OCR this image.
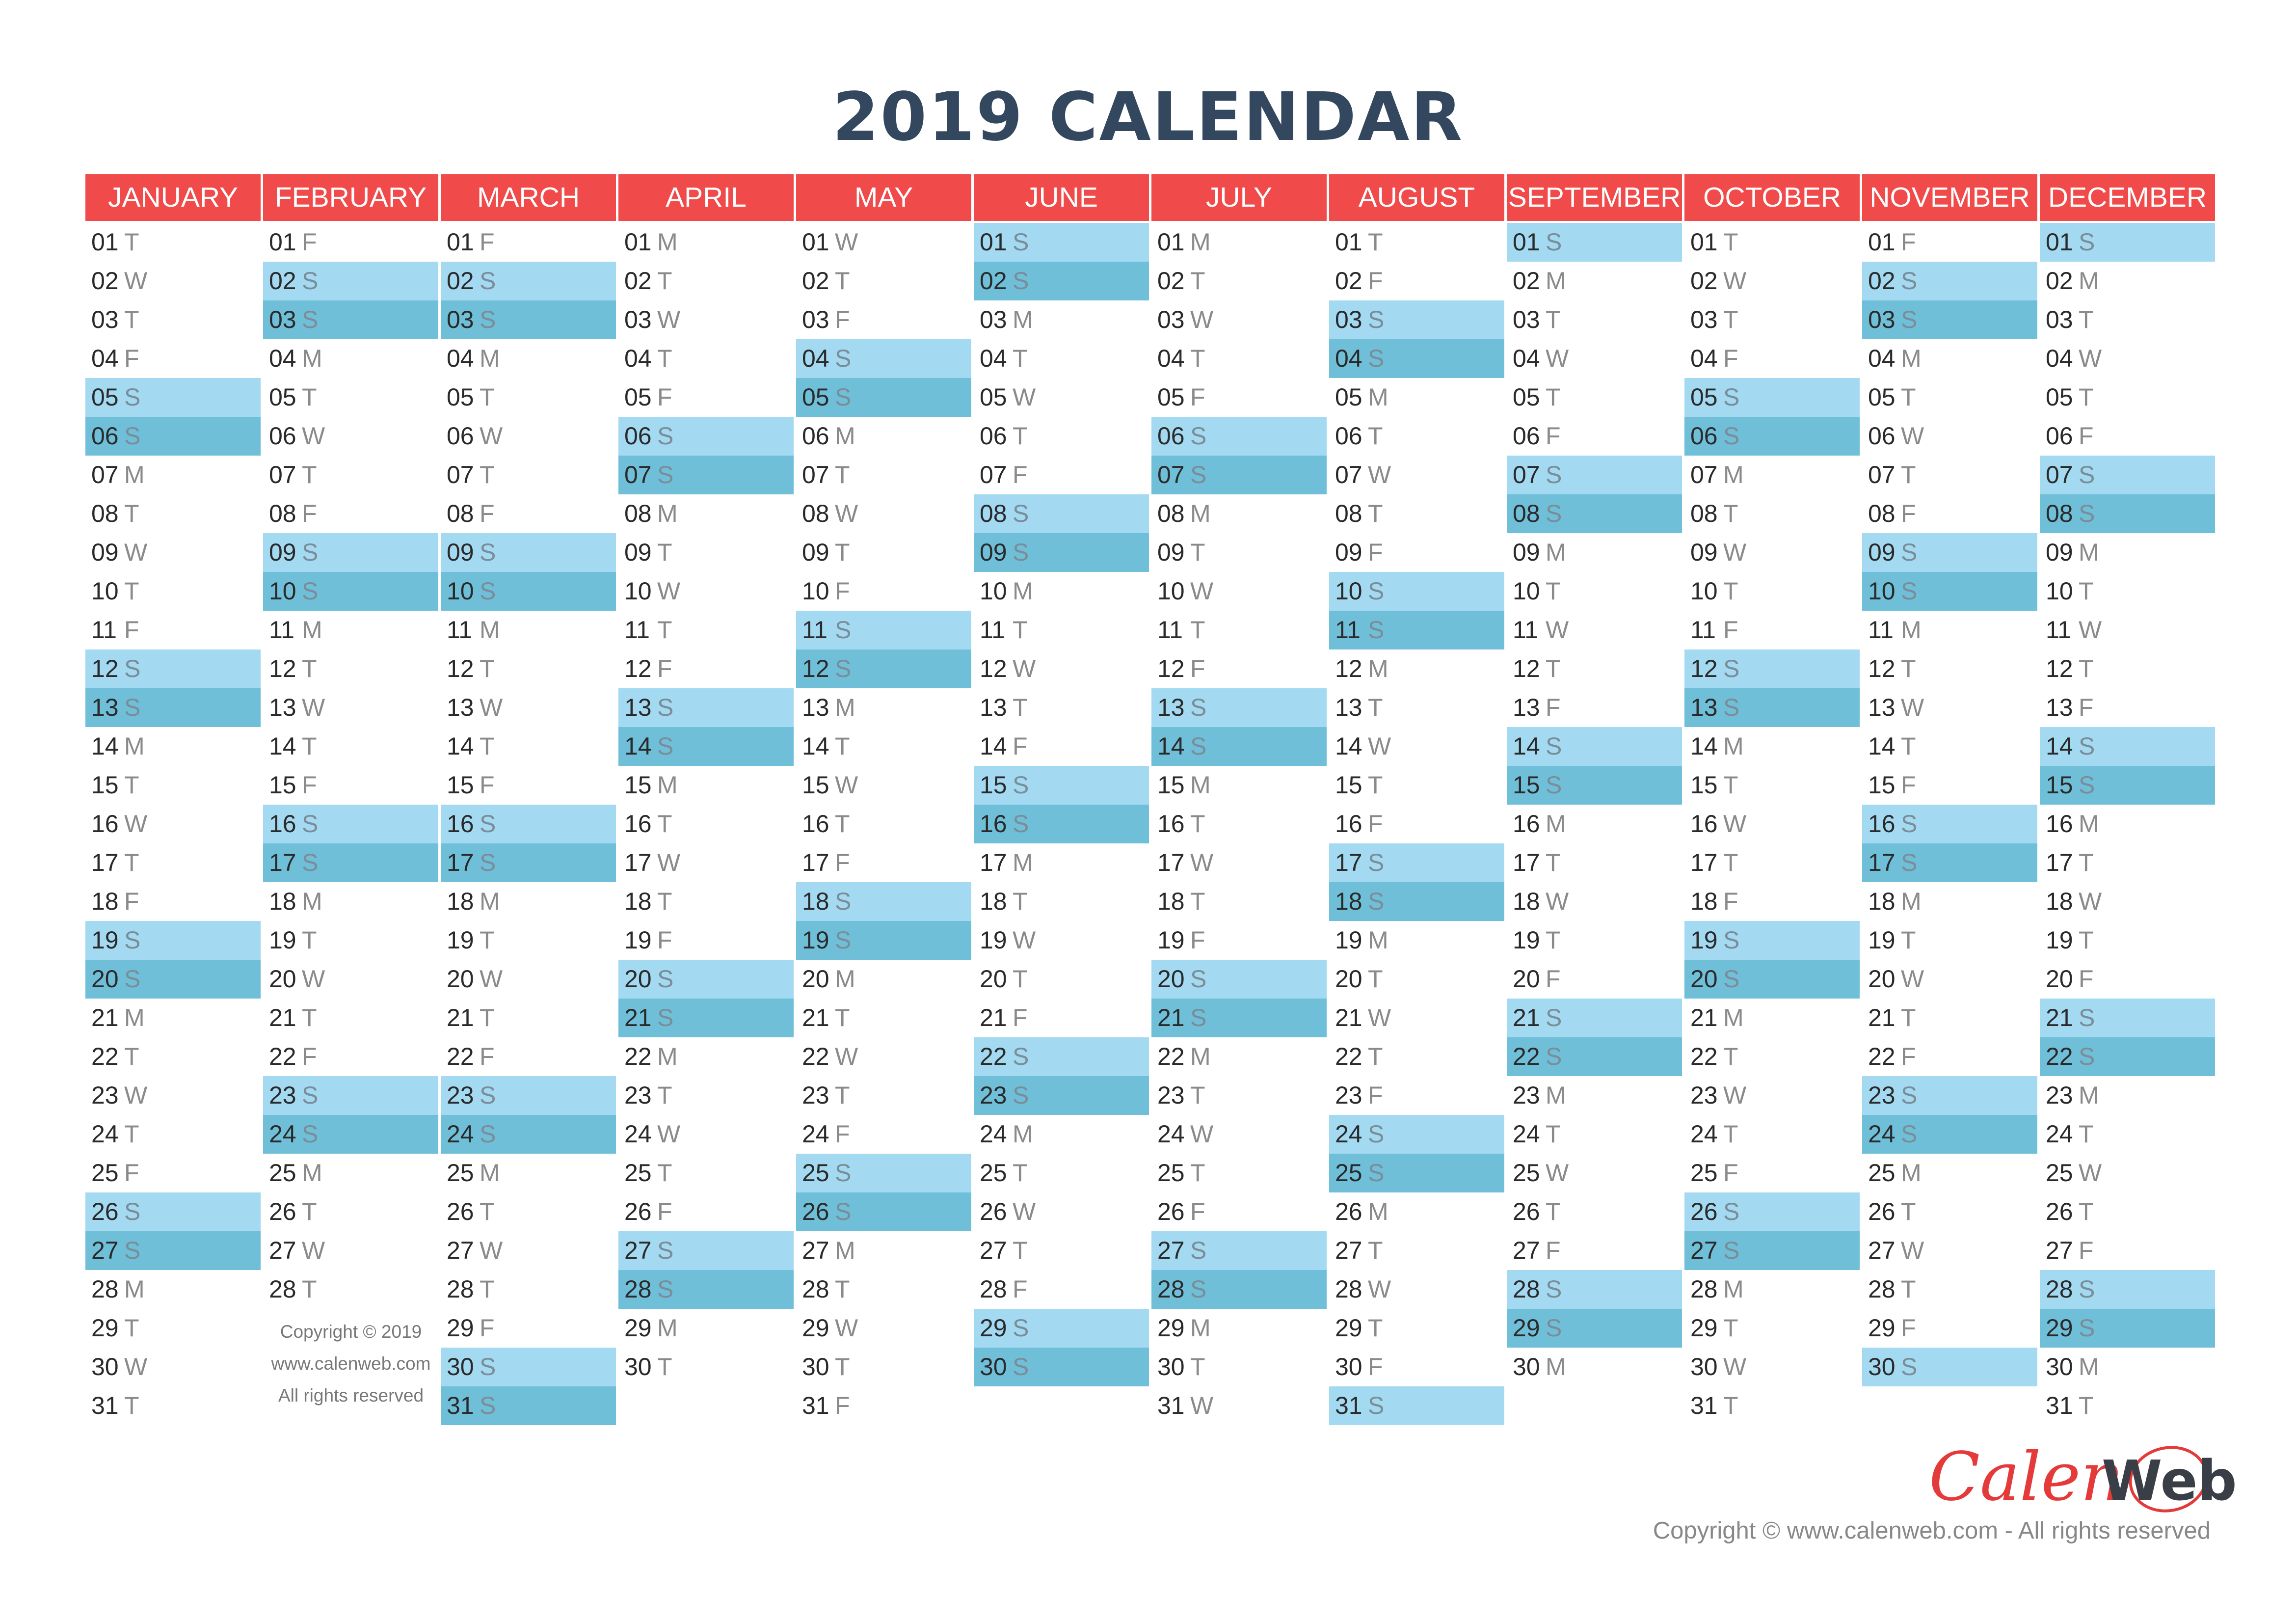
2019 CALENDAR
JANUARY
01 T
02 W
03 T
04 F
05 S
06 S
07 M
08 T
09 W
10 T
11 F
12 S
13 S
14 M
15 T
16 W
17 T
18 F
19 S
20 S
21 M
22 T
23 W
24 T
25 F
26 S
27 S
28 M
29 T
30 W
31 T
FEBRUARY
01 F
02 S
03 S
04 M
05 T
06 W
07 T
08 F
09 S
10 S
11 M
12 T
13 W
14 T
15 F
16 S
17 S
18 M
19 T
20 W
21 T
22 F
23 S
24 S
25 M
26 T
27 W
28 T
MARCH
01 F
02 S
03 S
04 M
05 T
06 W
07 T
08 F
09 S
10 S
11 M
12 T
13 W
14 T
15 F
16 S
17 S
18 M
19 T
20 W
21 T
22 F
23 S
24 S
25 M
26 T
27 W
28 T
29 F
30 S
31 S
APRIL
01 M
02 T
03 W
04 T
05 F
06 S
07 S
08 M
09 T
10 W
11 T
12 F
13 S
14 S
15 M
16 T
17 W
18 T
19 F
20 S
21 S
22 M
23 T
24 W
25 T
26 F
27 S
28 S
29 M
30 T
MAY
01 W
02 T
03 F
04 S
05 S
06 M
07 T
08 W
09 T
10 F
11 S
12 S
13 M
14 T
15 W
16 T
17 F
18 S
19 S
20 M
21 T
22 W
23 T
24 F
25 S
26 S
27 M
28 T
29 W
30 T
31 F
JUNE
01 S
02 S
03 M
04 T
05 W
06 T
07 F
08 S
09 S
10 M
11 T
12 W
13 T
14 F
15 S
16 S
17 M
18 T
19 W
20 T
21 F
22 S
23 S
24 M
25 T
26 W
27 T
28 F
29 S
30 S
JULY
01 M
02 T
03 W
04 T
05 F
06 S
07 S
08 M
09 T
10 W
11 T
12 F
13 S
14 S
15 M
16 T
17 W
18 T
19 F
20 S
21 S
22 M
23 T
24 W
25 T
26 F
27 S
28 S
29 M
30 T
31 W
AUGUST
01 T
02 F
03 S
04 S
05 M
06 T
07 W
08 T
09 F
10 S
11 S
12 M
13 T
14 W
15 T
16 F
17 S
18 S
19 M
20 T
21 W
22 T
23 F
24 S
25 S
26 M
27 T
28 W
29 T
30 F
31 S
SEPTEMBER
01 S
02 M
03 T
04 W
05 T
06 F
07 S
08 S
09 M
10 T
11 W
12 T
13 F
14 S
15 S
16 M
17 T
18 W
19 T
20 F
21 S
22 S
23 M
24 T
25 W
26 T
27 F
28 S
29 S
30 M
OCTOBER
01 T
02 W
03 T
04 F
05 S
06 S
07 M
08 T
09 W
10 T
11 F
12 S
13 S
14 M
15 T
16 W
17 T
18 F
19 S
20 S
21 M
22 T
23 W
24 T
25 F
26 S
27 S
28 M
29 T
30 W
31 T
NOVEMBER
01 F
02 S
03 S
04 M
05 T
06 W
07 T
08 F
09 S
10 S
11 M
12 T
13 W
14 T
15 F
16 S
17 S
18 M
19 T
20 W
21 T
22 F
23 S
24 S
25 M
26 T
27 W
28 T
29 F
30 S
DECEMBER
01 S
02 M
03 T
04 W
05 T
06 F
07 S
08 S
09 M
10 T
11 W
12 T
13 F
14 S
15 S
16 M
17 T
18 W
19 T
20 F
21 S
22 S
23 M
24 T
25 W
26 T
27 F
28 S
29 S
30 M
31 T
Copyright © 2019
www.calenweb.com
All rights reserved
Calen
Web
Copyright © www.calenweb.com - All rights reserved
